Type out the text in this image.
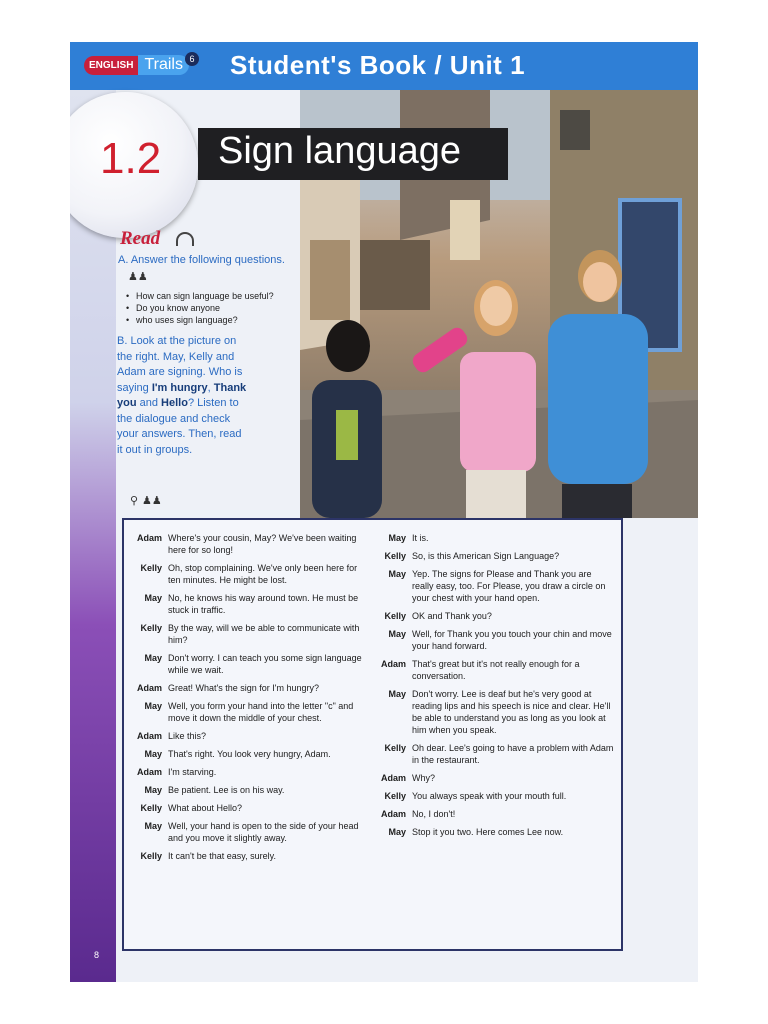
ENGLISH Trails 6 Student's Book / Unit 1
1.2 Sign language
Read
A. Answer the following questions.
♟♟
• How can sign language be useful?
• Do you know anyone
• who uses sign language?
B. Look at the picture on the right. May, Kelly and Adam are signing. Who is saying I'm hungry, Thank you and Hello? Listen to the dialogue and check your answers. Then, read it out in groups.
⚲ ♟♟
Adam Where's your cousin, May? We've been waiting here for so long!
Kelly Oh, stop complaining. We've only been here for ten minutes. He might be lost.
May No, he knows his way around town. He must be stuck in traffic.
Kelly By the way, will we be able to communicate with him?
May Don't worry. I can teach you some sign language while we wait.
Adam Great! What's the sign for I'm hungry?
May Well, you form your hand into the letter "c" and move it down the middle of your chest.
Adam Like this?
May That's right. You look very hungry, Adam.
Adam I'm starving.
May Be patient. Lee is on his way.
Kelly What about Hello?
May Well, your hand is open to the side of your head and you move it slightly away.
Kelly It can't be that easy, surely.
May It is.
Kelly So, is this American Sign Language?
May Yep. The signs for Please and Thank you are really easy, too. For Please, you draw a circle on your chest with your hand open.
Kelly OK and Thank you?
May Well, for Thank you you touch your chin and move your hand forward.
Adam That's great but it's not really enough for a conversation.
May Don't worry. Lee is deaf but he's very good at reading lips and his speech is nice and clear. He'll be able to understand you as long as you look at him when you speak.
Kelly Oh dear. Lee's going to have a problem with Adam in the restaurant.
Adam Why?
Kelly You always speak with your mouth full.
Adam No, I don't!
May Stop it you two. Here comes Lee now.
8
